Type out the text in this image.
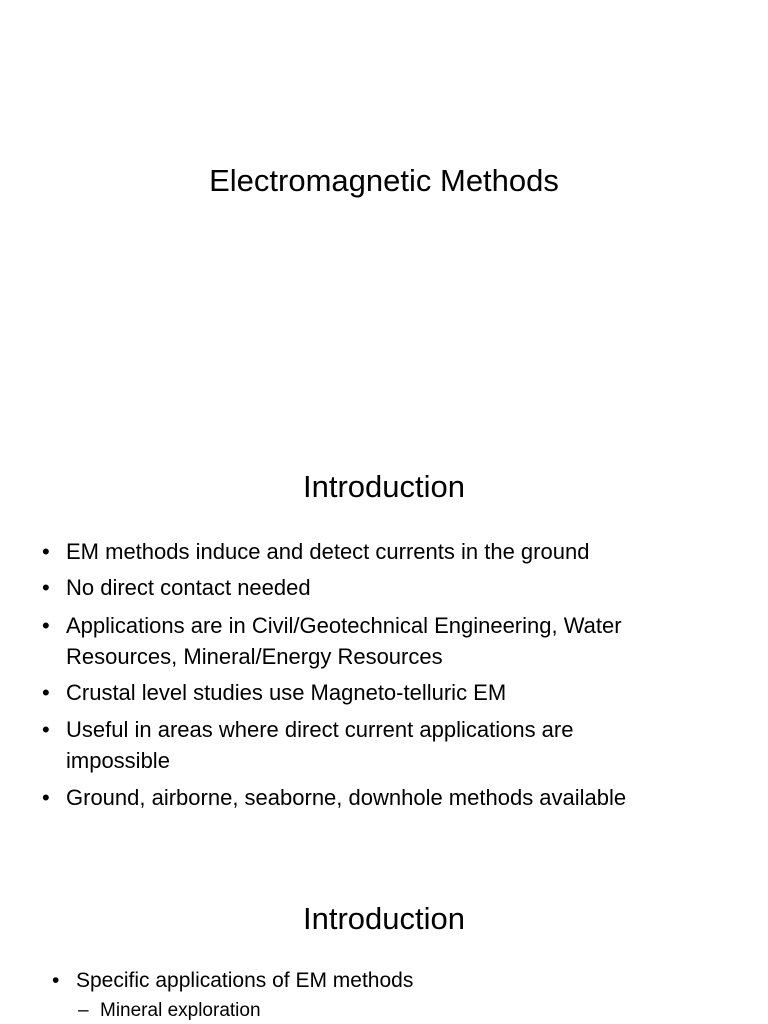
Electromagnetic Methods
Introduction
• EM methods induce and detect currents in the ground
• No direct contact needed
• Applications are in Civil/Geotechnical Engineering, Water
Resources, Mineral/Energy Resources
• Crustal level studies use Magneto-telluric EM
• Useful in areas where direct current applications are
impossible
• Ground, airborne, seaborne, downhole methods available
Introduction
• Specific applications of EM methods
– Mineral exploration
